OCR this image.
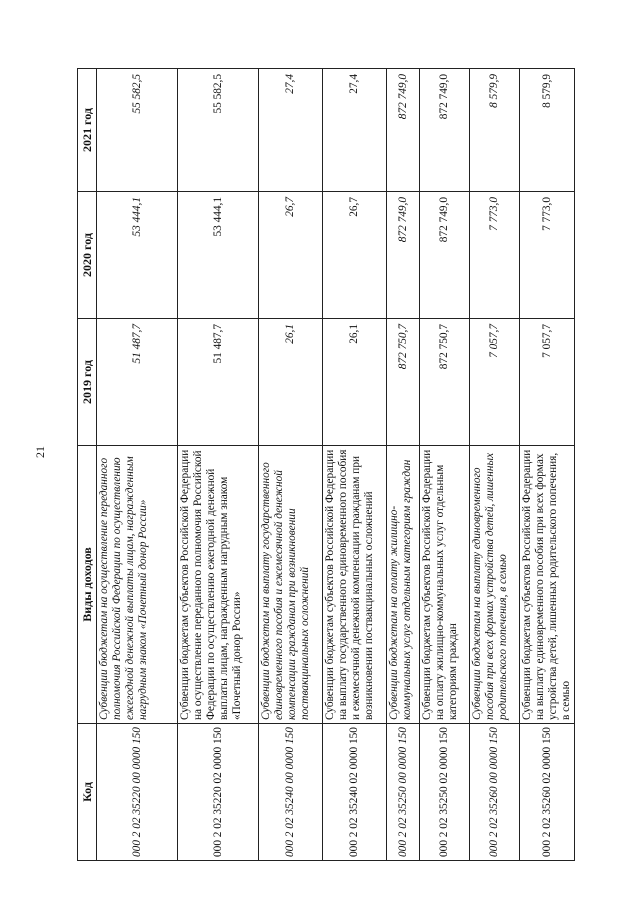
21
Код	Виды доходов	2019 год	2020 год	2021 год
000 2 02 35220 00 0000 150	Субвенции бюджетам на осуществление переданного полномочия Российской Федерации по осуществлению ежегодной денежной выплаты лицам, награжденным нагрудным знаком «Почетный донор России»	51 487,7	53 444,1	55 582,5
000 2 02 35220 02 0000 150	Субвенции бюджетам субъектов Российской Федерации на осуществление переданного полномочия Российской Федерации по осуществлению ежегодной денежной выплаты лицам, награжденным нагрудным знаком «Почетный донор России»	51 487,7	53 444,1	55 582,5
000 2 02 35240 00 0000 150	Субвенции бюджетам на выплату государственного единовременного пособия и ежемесячной денежной компенсации гражданам при возникновении поствакцинальных осложнений	26,1	26,7	27,4
000 2 02 35240 02 0000 150	Субвенции бюджетам субъектов Российской Федерации на выплату государственного единовременного пособия и ежемесячной денежной компенсации гражданам при возникновении поствакцинальных осложнений	26,1	26,7	27,4
000 2 02 35250 00 0000 150	Субвенции бюджетам на оплату жилищно-коммунальных услуг отдельным категориям граждан	872 750,7	872 749,0	872 749,0
000 2 02 35250 02 0000 150	Субвенции бюджетам субъектов Российской Федерации на оплату жилищно-коммунальных услуг отдельным категориям граждан	872 750,7	872 749,0	872 749,0
000 2 02 35260 00 0000 150	Субвенции бюджетам на выплату единовременного пособия при всех формах устройства детей, лишенных родительского попечения, в семью	7 057,7	7 773,0	8 579,9
000 2 02 35260 02 0000 150	Субвенции бюджетам субъектов Российской Федерации на выплату единовременного пособия при всех формах устройства детей, лишенных родительского попечения, в семью	7 057,7	7 773,0	8 579,9
